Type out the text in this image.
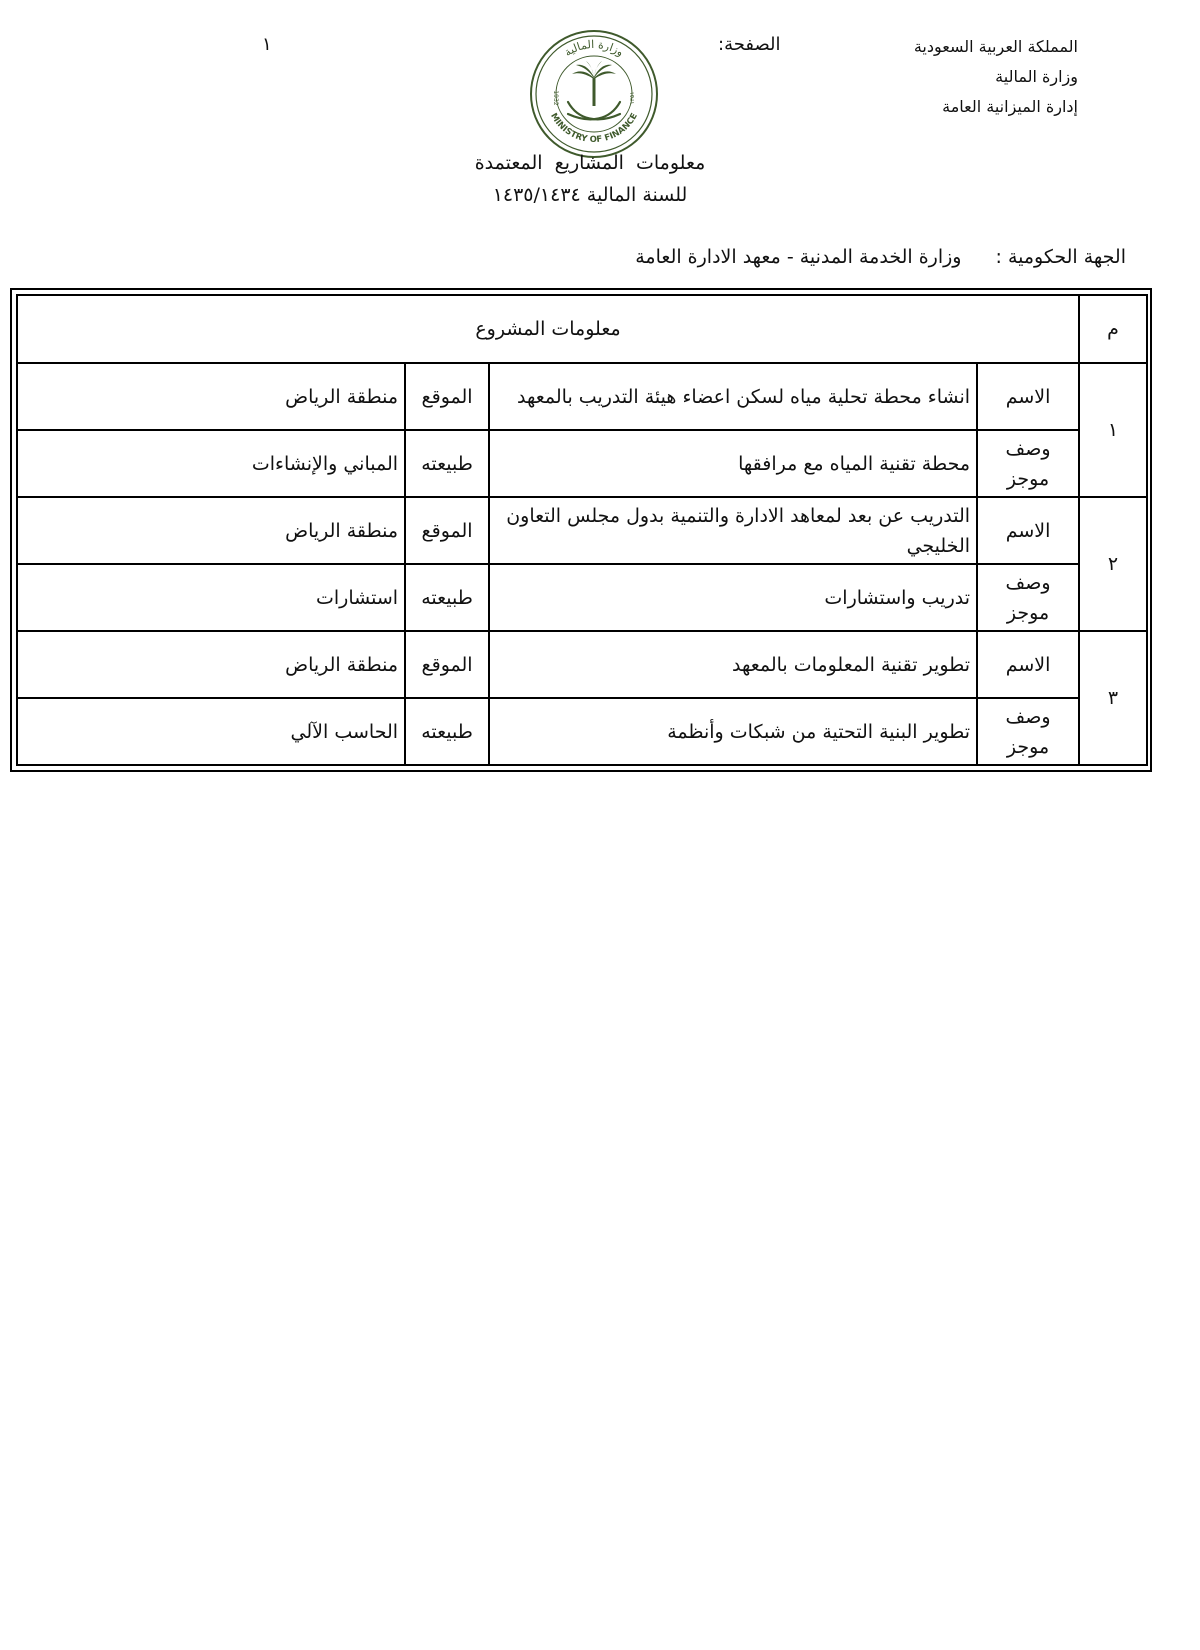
المملكة العربية السعودية
وزارة المالية
إدارة الميزانية العامة
الصفحة:
١	وزارة المالية
MINISTRY OF FINANCE
1932	١٣٥١
معلومات المشاريع المعتمدة
للسنة المالية ١٤٣٥/١٤٣٤
الجهة الحكومية : وزارة الخدمة المدنية - معهد الادارة العامة
م	معلومات المشروع			
١	الاسم	انشاء محطة تحلية مياه لسكن اعضاء هيئة التدريب بالمعهد	الموقع	منطقة الرياض
	وصف موجز	محطة تقنية المياه مع مرافقها	طبيعته	المباني والإنشاءات
٢	الاسم	التدريب عن بعد لمعاهد الادارة والتنمية بدول مجلس التعاون الخليجي	الموقع	منطقة الرياض
	وصف موجز	تدريب واستشارات	طبيعته	استشارات
٣	الاسم	تطوير تقنية المعلومات بالمعهد	الموقع	منطقة الرياض
	وصف موجز	تطوير البنية التحتية من شبكات وأنظمة	طبيعته	الحاسب الآلي
